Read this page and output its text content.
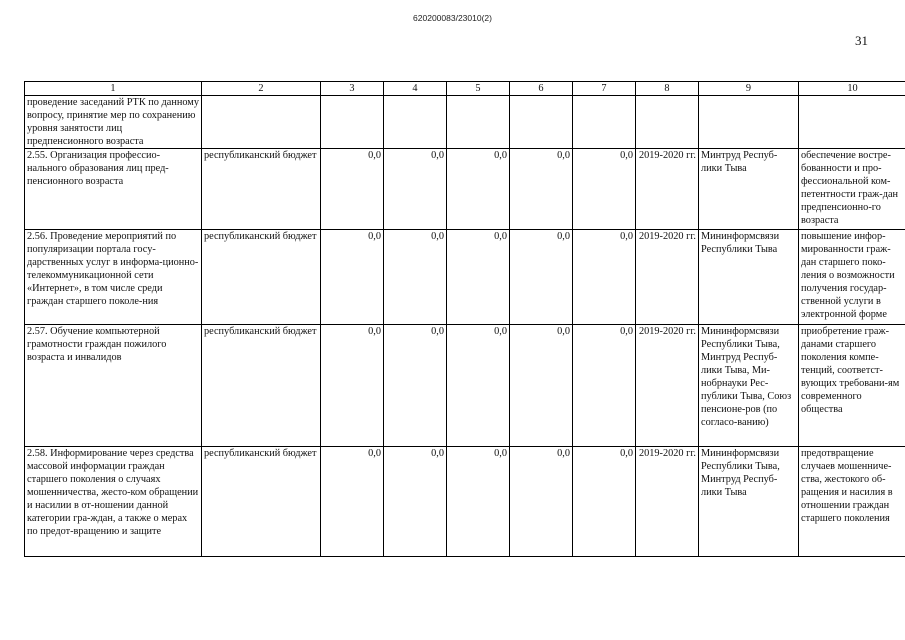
620200083/23010(2)
31
1	2	3	4	5	6	7	8	9	10
проведение заседаний РТК по данному вопросу, принятие мер по сохранению уровня занятости лиц предпенсионного возраста									
2.55. Организация профессио-нального образования лиц пред-пенсионного возраста	республиканский бюджет	0,0	0,0	0,0	0,0	0,0	2019-2020 гг.	Минтруд Респуб-лики Тыва	обеспечение востре-бованности и про-фессиональной ком-петентности граж-дан предпенсионно-го возраста
2.56. Проведение мероприятий по популяризации портала госу-дарственных услуг в информа-ционно-телекоммуникационной сети «Интернет», в том числе среди граждан старшего поколе-ния	республиканский бюджет	0,0	0,0	0,0	0,0	0,0	2019-2020 гг.	Мининформсвязи Республики Тыва	повышение инфор-мированности граж-дан старшего поко-ления о возможности получения государ-ственной услуги в электронной форме
2.57. Обучение компьютерной грамотности граждан пожилого возраста и инвалидов	республиканский бюджет	0,0	0,0	0,0	0,0	0,0	2019-2020 гг.	Мининформсвязи Республики Тыва, Минтруд Респуб-лики Тыва, Ми-нобрнауки Рес-публики Тыва, Союз пенсионе-ров (по согласо-ванию)	приобретение граж-данами старшего поколения компе-тенций, соответст-вующих требовани-ям современного общества
2.58. Информирование через средства массовой информации граждан старшего поколения о случаях мошенничества, жесто-ком обращении и насилии в от-ношении данной категории гра-ждан, а также о мерах по предот-вращению и защите	республиканский бюджет	0,0	0,0	0,0	0,0	0,0	2019-2020 гг.	Мининформсвязи Республики Тыва, Минтруд Респуб-лики Тыва	предотвращение случаев мошенниче-ства, жестокого об-ращения и насилия в отношении граждан старшего поколения
